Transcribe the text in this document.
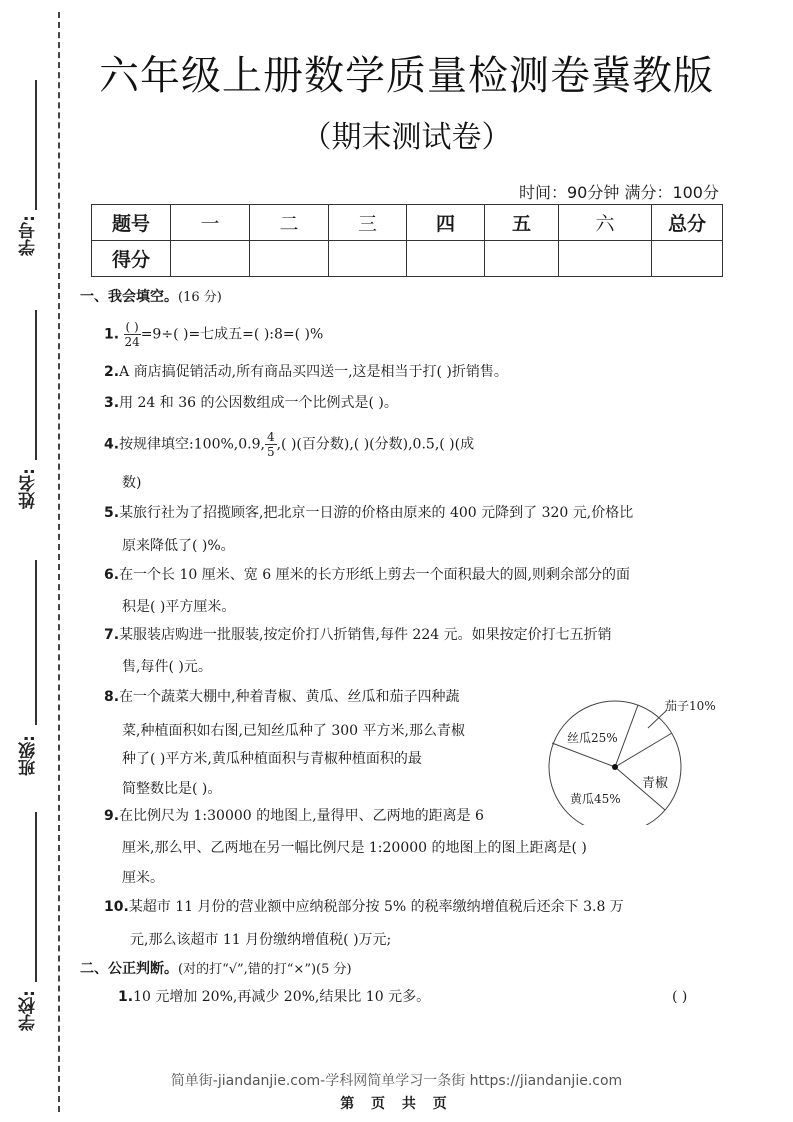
学号:
姓名:
班级:
学校:
六年级上册数学质量检测卷冀教版
（期末测试卷）
时间：90分钟 满分：100分
题号	一	二	三	四	五	六	总分
得分							
一、我会填空。(16 分)
1. $\frac{( )}{24} =9\div$( )=七成五=( ):8=( )%
2.A 商店搞促销活动,所有商品买四送一,这是相当于打( )折销售。
3.用 24 和 36 的公因数组成一个比例式是( )。
4.按规律填空:100%,0.9, $\frac{4}{5}$ ,( )(百分数),( )(分数),0.5,( )(成
数)
5.某旅行社为了招揽顾客,把北京一日游的价格由原来的 400 元降到了 320 元,价格比
原来降低了( )%。
6.在一个长 10 厘米、宽 6 厘米的长方形纸上剪去一个面积最大的圆,则剩余部分的面
积是( )平方厘米。
7.某服装店购进一批服装,按定价打八折销售,每件 224 元。如果按定价打七五折销
售,每件( )元。
8.在一个蔬菜大棚中,种着青椒、黄瓜、丝瓜和茄子四种蔬
菜,种植面积如右图,已知丝瓜种了 300 平方米,那么青椒
种了( )平方米,黄瓜种植面积与青椒种植面积的最
简整数比是( )。
茄子10%
青椒
黄瓜45%
丝瓜25%
9.在比例尺为 1:30000 的地图上,量得甲、乙两地的距离是 6
厘米,那么甲、乙两地在另一幅比例尺是 1:20000 的地图上的图上距离是( )
厘米。
10.某超市 11 月份的营业额中应纳税部分按 5% 的税率缴纳增值税后还余下 3.8 万
元,那么该超市 11 月份缴纳增值税( )万元;
二、公正判断。(对的打“√”,错的打“×”)(5 分)
1.10 元增加 20%,再减少 20%,结果比 10 元多。	( )
简单街-jiandanjie.com-学科网简单学习一条街 https://jiandanjie.com
第 页 共 页
